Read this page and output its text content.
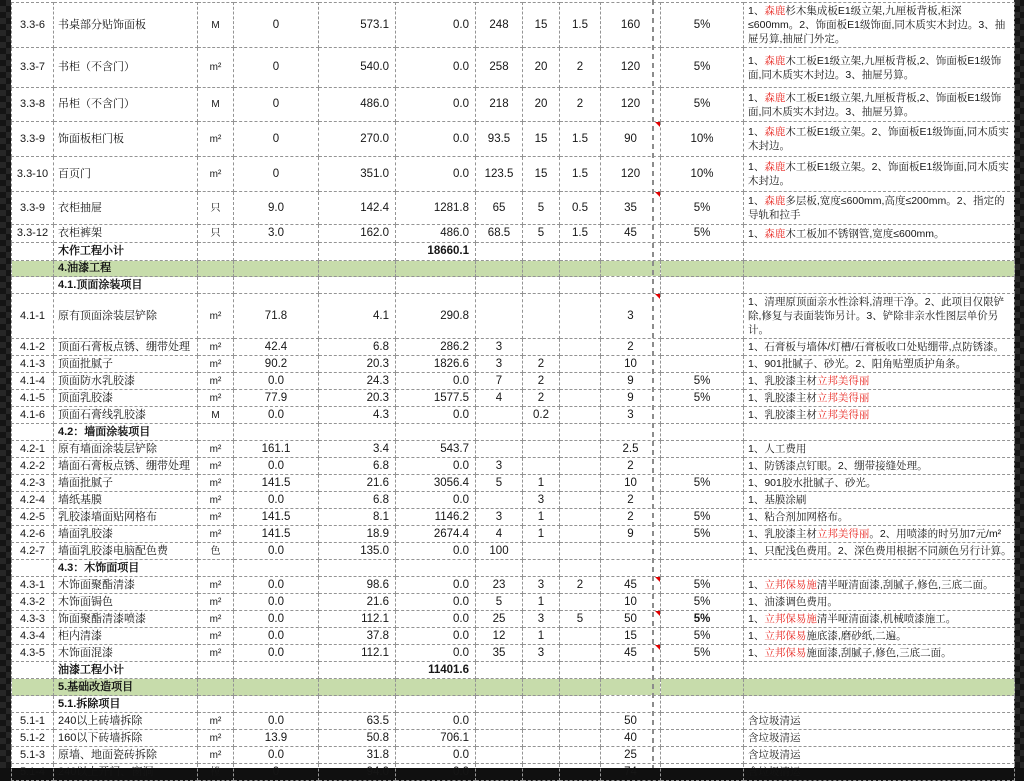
3.3-6	书桌部分贴饰面板	M	0	573.1	0.0	248	15	1.5	160	5%	1、森鹿杉木集成板E1级立架,九厘板背板,柜深≤600mm。2、饰面板E1级饰面,同木质实木封边。3、抽屉另算,抽屉门外定。
3.3-7	书柜（不含门）	m²	0	540.0	0.0	258	20	2	120	5%	1、森鹿木工板E1级立架,九厘板背板,2、饰面板E1级饰面,同木质实木封边。3、抽屉另算。
3.3-8	吊柜（不含门）	M	0	486.0	0.0	218	20	2	120	5%	1、森鹿木工板E1级立架,九厘板背板,2、饰面板E1级饰面,同木质实木封边。3、抽屉另算。
3.3-9	饰面板柜门板	m²	0	270.0	0.0	93.5	15	1.5	90	10%	1、森鹿木工板E1级立架。2、饰面板E1级饰面,同木质实木封边。
3.3-10	百页门	m²	0	351.0	0.0	123.5	15	1.5	120	10%	1、森鹿木工板E1级立架。2、饰面板E1级饰面,同木质实木封边。
3.3-9	衣柜抽屉	只	9.0	142.4	1281.8	65	5	0.5	35	5%	1、森鹿多层板,宽度≤600mm,高度≤200mm。2、指定的导轨和拉手
3.3-12	衣柜裤架	只	3.0	162.0	486.0	68.5	5	1.5	45	5%	1、森鹿木工板加不锈钢管,宽度≤600mm。
	木作工程小计				18660.1						
	4.油漆工程										
	4.1.顶面涂装项目										
4.1-1	原有顶面涂装层铲除	m²	71.8	4.1	290.8				3		1、清理原顶面亲水性涂料,清理干净。2、此项目仅限铲除,修复与表面装饰另计。3、铲除非亲水性图层单价另计。
4.1-2	顶面石膏板点锈、绷带处理	m²	42.4	6.8	286.2	3			2		1、石膏板与墙体/灯槽/石膏板收口处贴绷带,点防锈漆。
4.1-3	顶面批腻子	m²	90.2	20.3	1826.6	3	2		10		1、901批腻子、砂光。2、阳角贴塑质护角条。
4.1-4	顶面防水乳胶漆	m²	0.0	24.3	0.0	7	2		9	5%	1、乳胶漆主材立邦美得丽
4.1-5	顶面乳胶漆	m²	77.9	20.3	1577.5	4	2		9	5%	1、乳胶漆主材立邦美得丽
4.1-6	顶面石膏线乳胶漆	M	0.0	4.3	0.0		0.2		3		1、乳胶漆主材立邦美得丽
	4.2：墙面涂装项目										
4.2-1	原有墙面涂装层铲除	m²	161.1	3.4	543.7				2.5		1、人工费用
4.2-2	墙面石膏板点锈、绷带处理	m²	0.0	6.8	0.0	3			2		1、防锈漆点钉眼。2、绷带接缝处理。
4.2-3	墙面批腻子	m²	141.5	21.6	3056.4	5	1		10	5%	1、901胶水批腻子、砂光。
4.2-4	墙纸基膜	m²	0.0	6.8	0.0		3		2		1、基膜涂刷
4.2-5	乳胶漆墙面贴网格布	m²	141.5	8.1	1146.2	3	1		2	5%	1、粘合剂加网格布。
4.2-6	墙面乳胶漆	m²	141.5	18.9	2674.4	4	1		9	5%	1、乳胶漆主材立邦美得丽。2、用喷漆的时另加7元/m²
4.2-7	墙面乳胶漆电脑配色费	色	0.0	135.0	0.0	100					1、只配浅色费用。2、深色费用根据不同颜色另行计算。
	4.3：木饰面项目										
4.3-1	木饰面聚酯清漆	m²	0.0	98.6	0.0	23	3	2	45	5%	1、立邦保易施清半哑清面漆,刮腻子,修色,三底二面。
4.3-2	木饰面锔色	m²	0.0	21.6	0.0	5	1		10	5%	1、油漆调色费用。
4.3-3	饰面聚酯清漆喷漆	m²	0.0	112.1	0.0	25	3	5	50	5%	1、立邦保易施清半哑清面漆,机械喷漆施工。
4.3-4	柜内清漆	m²	0.0	37.8	0.0	12	1		15	5%	1、立邦保易施底漆,磨砂纸,二遍。
4.3-5	木饰面混漆	m²	0.0	112.1	0.0	35	3		45	5%	1、立邦保易施面漆,刮腻子,修色,三底二面。
	油漆工程小计				11401.6						
	5.基础改造项目										
	5.1.拆除项目										
5.1-1	240以上砖墙拆除	m²	0.0	63.5	0.0				50		含垃圾清运
5.1-2	160以下砖墙拆除	m²	13.9	50.8	706.1				40		含垃圾清运
5.1-3	原墙、地面瓷砖拆除	m²	0.0	31.8	0.0				25		含垃圾清运
5.1-4	240以上开门、窗洞	樘	0	94.0	0.0				74		含垃圾清运
